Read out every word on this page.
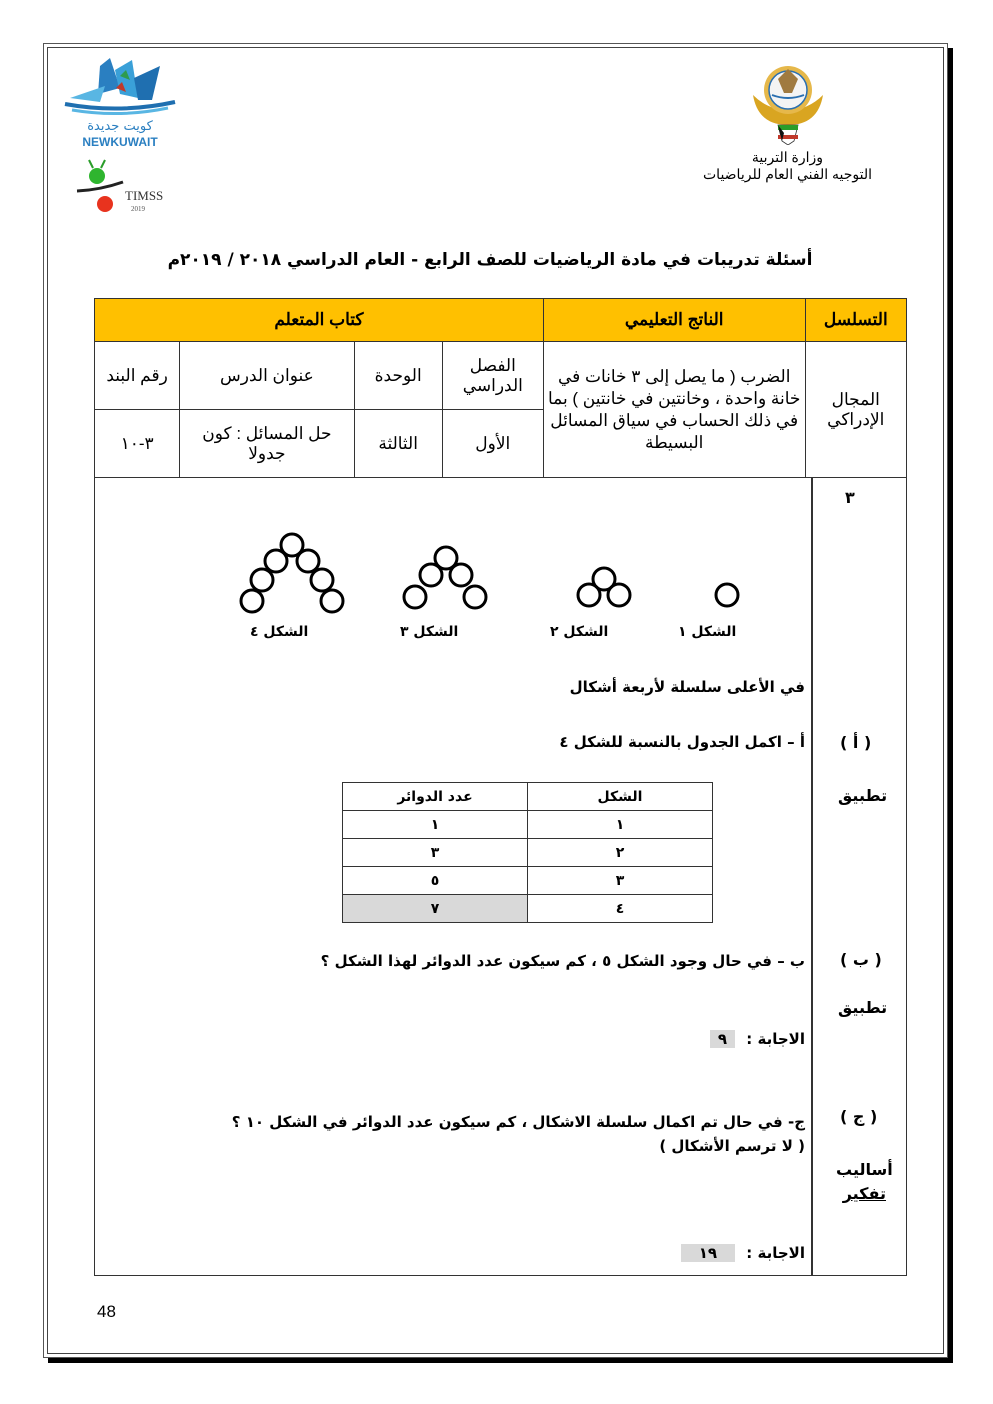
كويت جديدة
NEWKUWAIT
TIMSS
2019
وزارة التربية
التوجيه الفني العام للرياضيات
أسئلة تدريبات في مادة الرياضيات للصف الرابع - العام الدراسي ٢٠١٨ / ٢٠١٩م
التسلسل	الناتج التعليمي	كتاب المتعلم			
المجال الإدراكي	الضرب ( ما يصل إلى ٣ خانات في خانة واحدة ، وخانتين في خانتين ) بما في ذلك الحساب في سياق المسائل البسيطة	الفصل الدراسي	الوحدة	عنوان الدرس	رقم البند
		الأول	الثالثة	حل المسائل : كون جدولا	٣-١٠
٣
الشكل ٤	الشكل ٣	الشكل ٢	الشكل ١
في الأعلى سلسلة لأربعة أشكال
( أ )
تطبيق
أ – اكمل الجدول بالنسبة للشكل ٤
الشكل	عدد الدوائر
١	١
٢	٣
٣	٥
٤	٧
( ب )
تطبيق
ب – في حال وجود الشكل ٥ ، كم سيكون عدد الدوائر لهذا الشكل ؟
الاجابة : ٩
( ج )
أساليب
تفكير
ج- في حال تم اكمال سلسلة الاشكال ، كم سيكون عدد الدوائر في الشكل ١٠ ؟
( لا ترسم الأشكال )
الاجابة : ١٩
48
